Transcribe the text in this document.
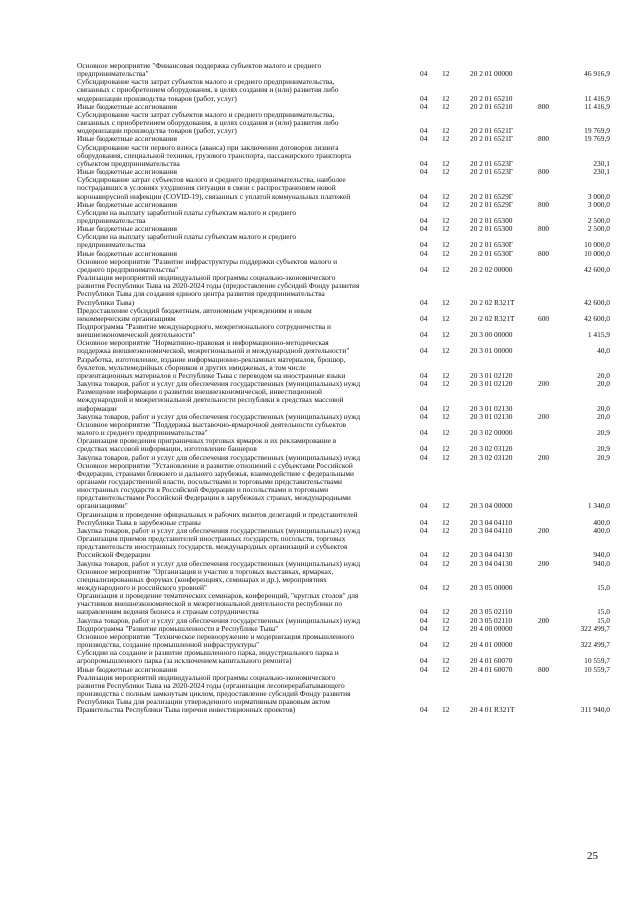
Основное мероприятие "Финансовая поддержка субъектов малого и среднего
предпринимательства"	04 12	20 2 01 00000	46 916,9
Субсидирование части затрат субъектов малого и среднего предпринимательства,
связанных с приобретением оборудования, в целях создания и (или) развития либо
модернизации производства товаров (работ, услуг)	04 12	20 2 01 65210	11 416,9
Иные бюджетные ассигнования	04 12	20 2 01 65210	800	11 416,9
Субсидирование части затрат субъектов малого и среднего предпринимательства,
связанных с приобретением оборудования, в целях создания и (или) развития либо
модернизации производства товаров (работ, услуг)	04 12	20 2 01 6521Г	19 769,9
Иные бюджетные ассигнования	04 12	20 2 01 6521Г	800	19 769,9
Субсидирование части первого взноса (аванса) при заключении договоров лизинга
оборудования, специальной техники, грузового транспорта, пассажирского транспорта
субъектом предпринимательства	04 12	20 2 01 6523Г	230,1
Иные бюджетные ассигнования	04 12	20 2 01 6523Г	800	230,1
Субсидирование затрат субъектов малого и среднего предпринимательства, наиболее
пострадавших в условиях ухудшения ситуации в связи с распространением новой
коронавирусной инфекции (COVID-19), связанных с уплатой коммунальных платежей	04 12	20 2 01 6529Г	3 000,0
Иные бюджетные ассигнования	04 12	20 2 01 6529Г	800	3 000,0
Субсидии на выплату заработной платы субъектам малого и среднего
предпринимательства	04 12	20 2 01 65300	2 500,0
Иные бюджетные ассигнования	04 12	20 2 01 65300	800	2 500,0
Субсидии на выплату заработной платы субъектам малого и среднего
предпринимательства	04 12	20 2 01 6530Г	10 000,0
Иные бюджетные ассигнования	04 12	20 2 01 6530Г	800	10 000,0
Основное мероприятие "Развитие инфраструктуры поддержки субъектов малого и
среднего предпринимательства"	04 12	20 2 02 00000	42 600,0
Реализация мероприятий индивидуальной программы социально-экономического
развития Республики Тыва на 2020-2024 годы (предоставление субсидий Фонду развития
Республики Тыва для создания единого центра развития предпринимательства
Республики Тыва)	04 12	20 2 02 R321Т	42 600,0
Предоставление субсидий бюджетным, автономным учреждениям и иным
некоммерческим организациям	04 12	20 2 02 R321Т	600	42 600,0
Подпрограмма "Развитие международного, межрегионального сотрудничества и
внешнеэкономической деятельности"	04 12	20 3 00 00000	1 415,9
Основное мероприятие "Нормативно-правовая и информационно-методическая
поддержка внешнеэкономической, межрегиональной и международной деятельности"	04 12	20 3 01 00000	40,0
Разработка, изготовление, издание информационно-рекламных материалов, брошюр,
буклетов, мультимедийных сборников и других имиджевых, в том числе
презентационных материалов о Республике Тыва с переводом на иностранные языки	04 12	20 3 01 02120	20,0
Закупка товаров, работ и услуг для обеспечения государственных (муниципальных) нужд	04 12	20 3 01 02120	200	20,0
Размещение информации о развитии внешнеэкономической, инвестиционной
международной и межрегиональной деятельности республики в средствах массовой
информации	04 12	20 3 01 02130	20,0
Закупка товаров, работ и услуг для обеспечения государственных (муниципальных) нужд	04 12	20 3 01 02130	200	20,0
Основное мероприятие "Поддержка выставочно-ярмарочной деятельности субъектов
малого и среднего предпринимательства"	04 12	20 3 02 00000	20,9
Организация проведения приграничных торговых ярмарок и их рекламирование в
средствах массовой информации, изготовление баннеров	04 12	20 3 02 03120	20,9
Закупка товаров, работ и услуг для обеспечения государственных (муниципальных) нужд	04 12	20 3 02 03120	200	20,9
Основное мероприятие "Установление и развитие отношений с субъектами Российской
Федерации, странами ближнего и дальнего зарубежья, взаимодействие с федеральными
органами государственной власти, посольствами и торговыми представительствами
иностранных государств в Российской Федерации и посольствами и торговыми
представительствами Российской Федерации в зарубежных странах, международными
организациями"	04 12	20 3 04 00000	1 340,0
Организация и проведение официальных и рабочих визитов делегаций и представителей
Республики Тыва в зарубежные страны	04 12	20 3 04 04110	400,0
Закупка товаров, работ и услуг для обеспечения государственных (муниципальных) нужд	04 12	20 3 04 04110	200	400,0
Организация приемов представителей иностранных государств, посольств, торговых
представительств иностранных государств, международных организаций и субъектов
Российской Федерации	04 12	20 3 04 04130	940,0
Закупка товаров, работ и услуг для обеспечения государственных (муниципальных) нужд	04 12	20 3 04 04130	200	940,0
Основное мероприятие "Организация и участие в торговых выставках, ярмарках,
специализированных форумах (конференциях, семинарах и др.), мероприятиях
международного и российского уровней"	04 12	20 3 05 00000	15,0
Организация и проведение тематических семинаров, конференций, "круглых столов" для
участников внешнеэкономической и межрегиональной деятельности республики по
направлениям ведения бизнеса и странам сотрудничества	04 12	20 3 05 02110	15,0
Закупка товаров, работ и услуг для обеспечения государственных (муниципальных) нужд	04 12	20 3 05 02110	200	15,0
Подпрограмма "Развитие промышленности в Республике Тыва"	04 12	20 4 00 00000	322 499,7
Основное мероприятие "Техническое перевооружение и модернизация промышленного
производства, создание промышленной инфраструктуры"	04 12	20 4 01 00000	322 499,7
Субсидии на создание и развитие промышленного парка, индустриального парка и
агропромышленного парка (за исключением капитального ремонта)	04 12	20 4 01 60070	10 559,7
Иные бюджетные ассигнования	04 12	20 4 01 60070	800	10 559,7
Реализация мероприятий индивидуальной программы социально-экономического
развития Республики Тыва на 2020-2024 годы (организация лесоперерабатывающего
производства с полным замкнутым циклом, предоставление субсидий Фонду развития
Республики Тыва для реализации утвержденного нормативным правовым актом
Правительства Республики Тыва перечня инвестиционных проектов)	04 12	20 4 01 R321Т	311 940,0
25
